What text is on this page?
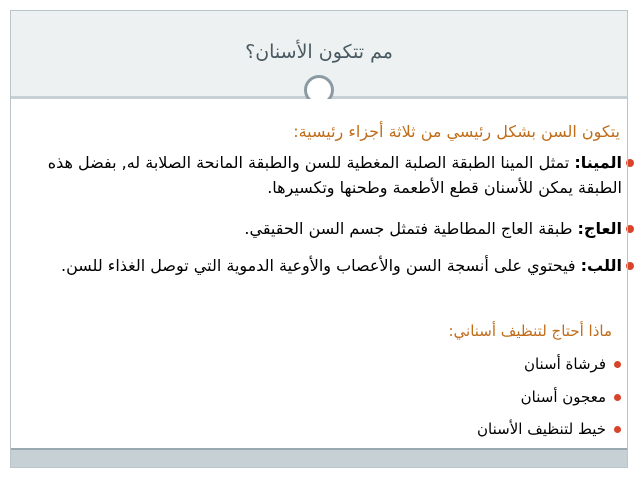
مم تتكون الأسنان؟
يتكون السن بشكل رئيسي من ثلاثة أجزاء رئيسية:
المينا: تمثل المينا الطبقة الصلبة المغطية للسن والطبقة المانحة الصلابة له, بفضل هذه الطبقة يمكن للأسنان قطع الأطعمة وطحنها وتكسيرها.
العاج: طبقة العاج المطاطية فتمثل جسم السن الحقيقي.
اللب: فيحتوي على أنسجة السن والأعصاب والأوعية الدموية التي توصل الغذاء للسن.
ماذا أحتاج لتنظيف أسناني:
فرشاة أسنان
معجون أسنان
خيط لتنظيف الأسنان
